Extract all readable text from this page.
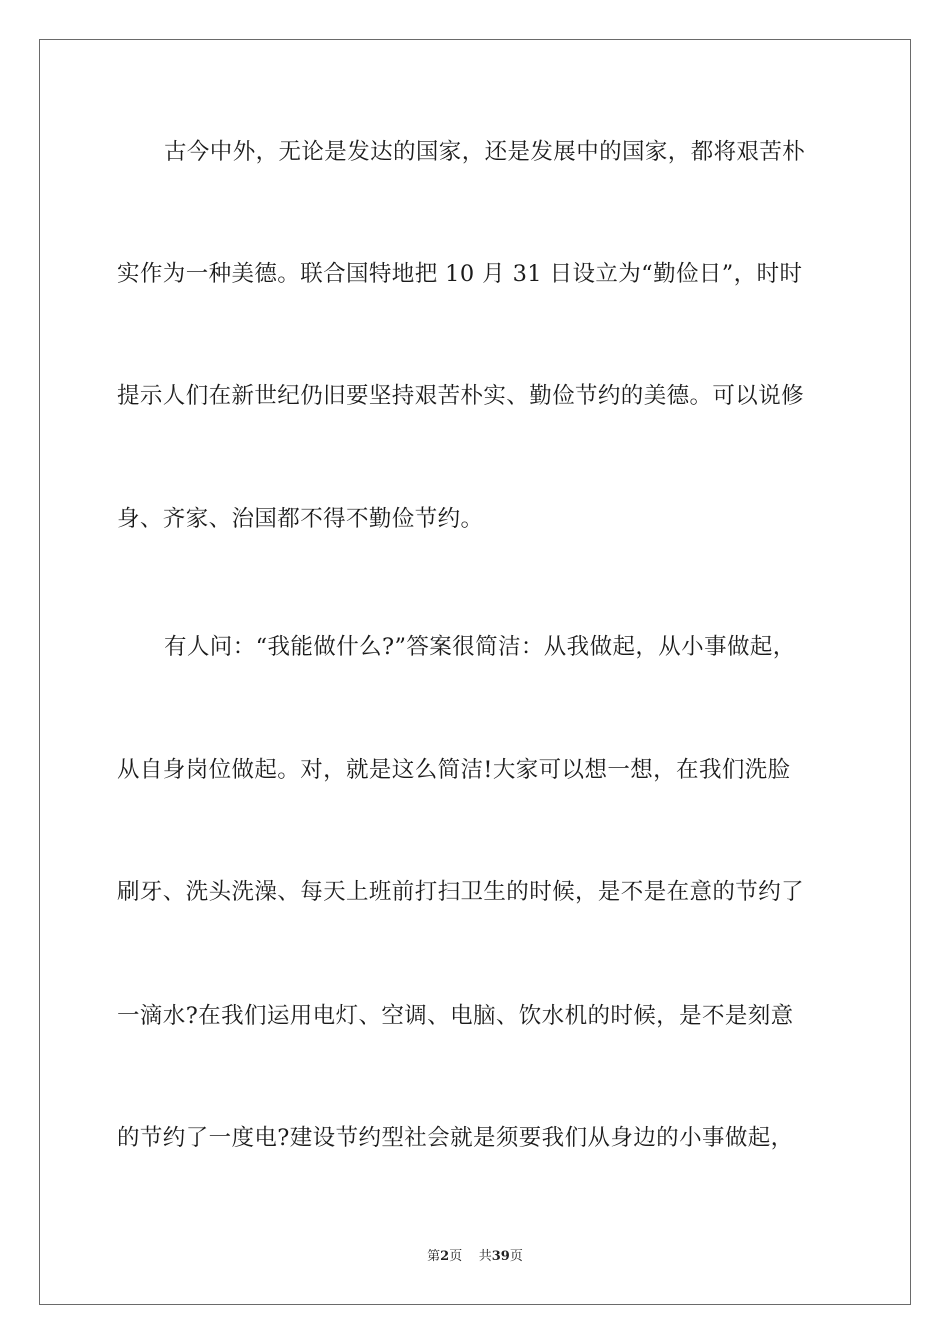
古今中外，无论是发达的国家，还是发展中的国家，都将艰苦朴
实作为一种美德。联合国特地把 10 月 31 日设立为“勤俭日”，时时
提示人们在新世纪仍旧要坚持艰苦朴实、勤俭节约的美德。可以说修
身、齐家、治国都不得不勤俭节约。
有人问：“我能做什么?”答案很简洁：从我做起，从小事做起，
从自身岗位做起。对，就是这么简洁!大家可以想一想，在我们洗脸
刷牙、洗头洗澡、每天上班前打扫卫生的时候，是不是在意的节约了
一滴水?在我们运用电灯、空调、电脑、饮水机的时候，是不是刻意
的节约了一度电?建设节约型社会就是须要我们从身边的小事做起，
第2页 共39页
